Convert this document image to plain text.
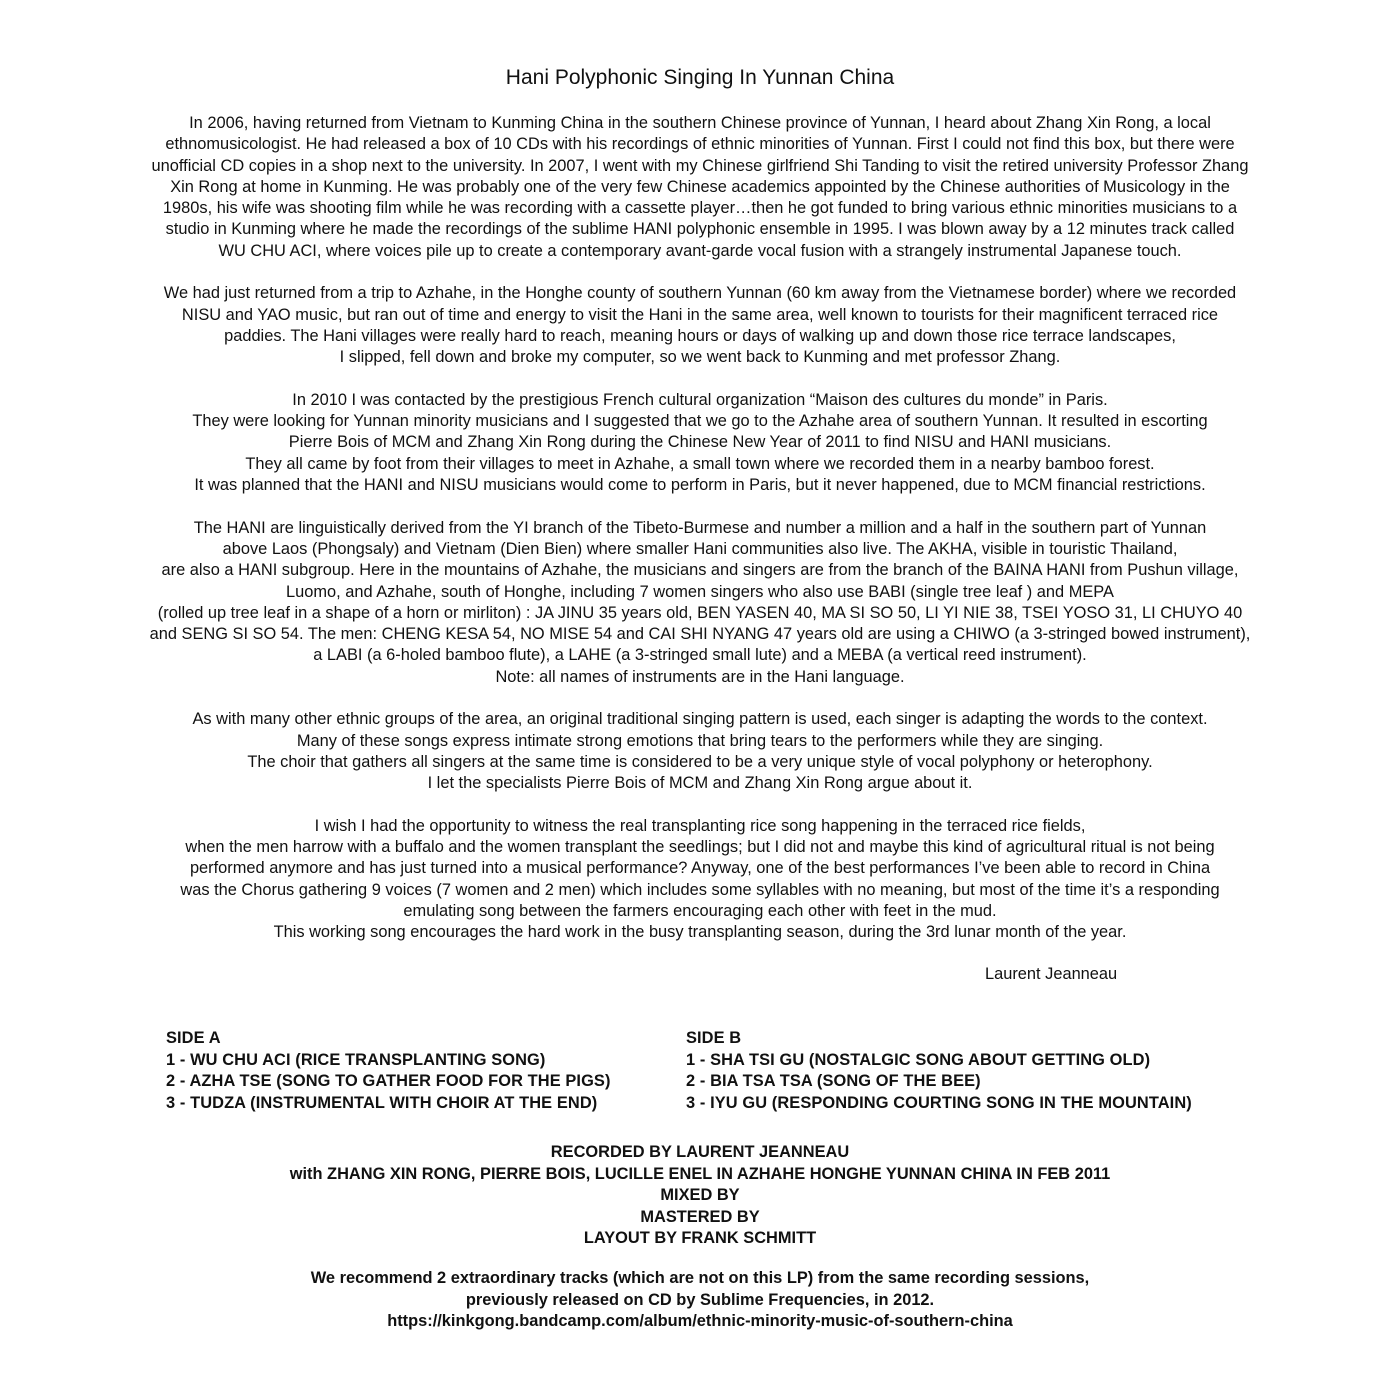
Hani Polyphonic Singing In Yunnan China

In 2006, having returned from Vietnam to Kunming China in the southern Chinese province of Yunnan, I heard about Zhang Xin Rong, a local
ethnomusicologist. He had released a box of 10 CDs with his recordings of ethnic minorities of Yunnan. First I could not find this box, but there were
unofficial CD copies in a shop next to the university. In 2007, I went with my Chinese girlfriend Shi Tanding to visit the retired university Professor Zhang
Xin Rong at home in Kunming. He was probably one of the very few Chinese academics appointed by the Chinese authorities of Musicology in the
1980s, his wife was shooting film while he was recording with a cassette player…then he got funded to bring various ethnic minorities musicians to a
studio in Kunming where he made the recordings of the sublime HANI polyphonic ensemble in 1995. I was blown away by a 12 minutes track called
WU CHU ACI, where voices pile up to create a contemporary avant-garde vocal fusion with a strangely instrumental Japanese touch.

We had just returned from a trip to Azhahe, in the Honghe county of southern Yunnan (60 km away from the Vietnamese border) where we recorded
NISU and YAO music, but ran out of time and energy to visit the Hani in the same area, well known to tourists for their magnificent terraced rice
paddies. The Hani villages were really hard to reach, meaning hours or days of walking up and down those rice terrace landscapes,
I slipped, fell down and broke my computer, so we went back to Kunming and met professor Zhang.

In 2010 I was contacted by the prestigious French cultural organization “Maison des cultures du monde” in Paris.
They were looking for Yunnan minority musicians and I suggested that we go to the Azhahe area of southern Yunnan. It resulted in escorting
Pierre Bois of MCM and Zhang Xin Rong during the Chinese New Year of 2011 to find NISU and HANI musicians.
They all came by foot from their villages to meet in Azhahe, a small town where we recorded them in a nearby bamboo forest.
It was planned that the HANI and NISU musicians would come to perform in Paris, but it never happened, due to MCM financial restrictions.

The HANI are linguistically derived from the YI branch of the Tibeto-Burmese and number a million and a half in the southern part of Yunnan
above Laos (Phongsaly) and Vietnam (Dien Bien) where smaller Hani communities also live. The AKHA, visible in touristic Thailand,
are also a HANI subgroup. Here in the mountains of Azhahe, the musicians and singers are from the branch of the BAINA HANI from Pushun village,
Luomo, and Azhahe, south of Honghe, including 7 women singers who also use BABI (single tree leaf ) and MEPA
(rolled up tree leaf in a shape of a horn or mirliton) : JA JINU 35 years old, BEN YASEN 40, MA SI SO 50, LI YI NIE 38, TSEI YOSO 31, LI CHUYO 40
and SENG SI SO 54. The men: CHENG KESA 54, NO MISE 54 and CAI SHI NYANG 47 years old are using a CHIWO (a 3-stringed bowed instrument),
a LABI (a 6-holed bamboo flute), a LAHE (a 3-stringed small lute) and a MEBA (a vertical reed instrument).
Note: all names of instruments are in the Hani language.

As with many other ethnic groups of the area, an original traditional singing pattern is used, each singer is adapting the words to the context.
Many of these songs express intimate strong emotions that bring tears to the performers while they are singing.
The choir that gathers all singers at the same time is considered to be a very unique style of vocal polyphony or heterophony.
I let the specialists Pierre Bois of MCM and Zhang Xin Rong argue about it.

I wish I had the opportunity to witness the real transplanting rice song happening in the terraced rice fields,
when the men harrow with a buffalo and the women transplant the seedlings; but I did not and maybe this kind of agricultural ritual is not being
performed anymore and has just turned into a musical performance? Anyway, one of the best performances I’ve been able to record in China
was the Chorus gathering 9 voices (7 women and 2 men) which includes some syllables with no meaning, but most of the time it’s a responding
emulating song between the farmers encouraging each other with feet in the mud.
This working song encourages the hard work in the busy transplanting season, during the 3rd lunar month of the year.

Laurent Jeanneau
SIDE A
1 - WU CHU ACI (RICE TRANSPLANTING SONG)
2 - AZHA TSE (SONG TO GATHER FOOD FOR THE PIGS)
3 - TUDZA (INSTRUMENTAL WITH CHOIR AT THE END)
SIDE B
1 - SHA TSI GU (NOSTALGIC SONG ABOUT GETTING OLD)
2 - BIA TSA TSA (SONG OF THE BEE)
3 - IYU GU (RESPONDING COURTING SONG IN THE MOUNTAIN)
RECORDED BY LAURENT JEANNEAU
with ZHANG XIN RONG, PIERRE BOIS, LUCILLE ENEL IN AZHAHE HONGHE YUNNAN CHINA IN FEB 2011
MIXED BY
MASTERED BY
LAYOUT BY FRANK SCHMITT
We recommend 2 extraordinary tracks (which are not on this LP) from the same recording sessions,
previously released on CD by Sublime Frequencies, in 2012.
https://kinkgong.bandcamp.com/album/ethnic-minority-music-of-southern-china
